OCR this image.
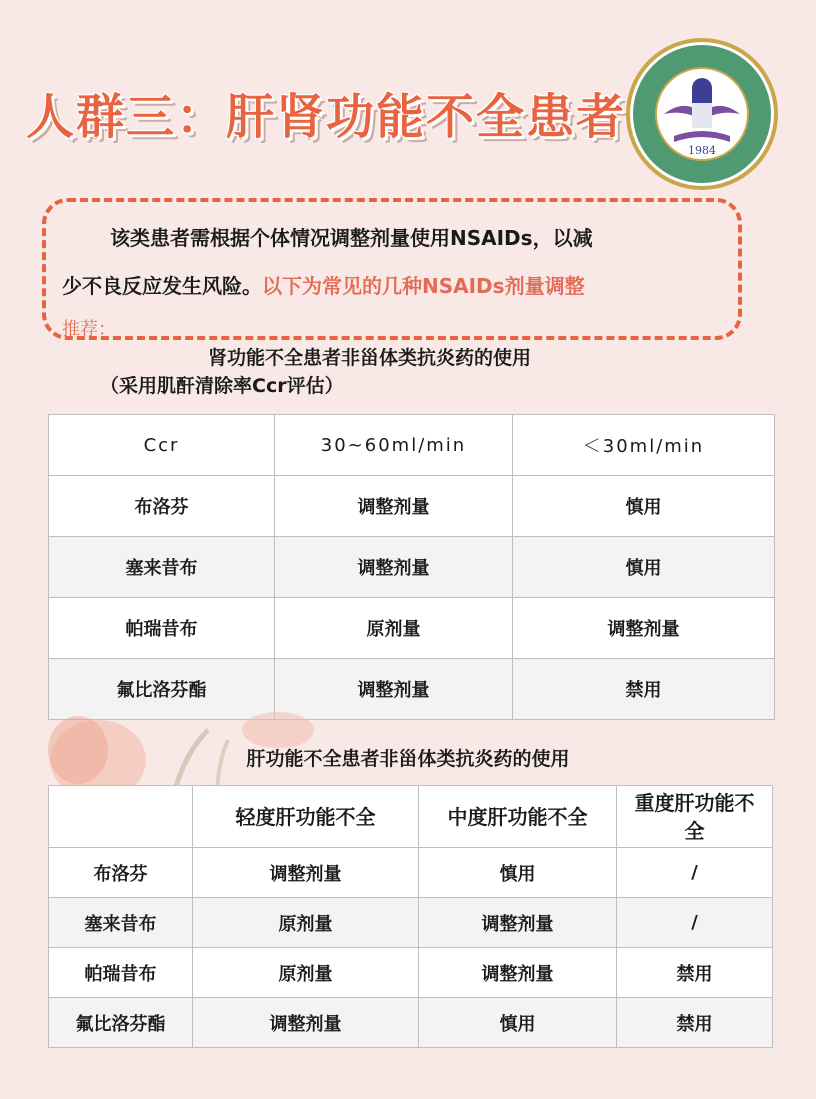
人群三：肝肾功能不全患者
1984
该类患者需根据个体情况调整剂量使用NSAIDs，以减
少不良反应发生风险。以下为常见的几种NSAIDs剂量调整
推荐：
肾功能不全患者非甾体类抗炎药的使用
（采用肌酐清除率Ccr评估）
Ccr	30~60ml/min	＜30ml/min
布洛芬	调整剂量	慎用
塞来昔布	调整剂量	慎用
帕瑞昔布	原剂量	调整剂量
氟比洛芬酯	调整剂量	禁用
肝功能不全患者非甾体类抗炎药的使用
	轻度肝功能不全	中度肝功能不全	重度肝功能不全
布洛芬	调整剂量	慎用	/
塞来昔布	原剂量	调整剂量	/
帕瑞昔布	原剂量	调整剂量	禁用
氟比洛芬酯	调整剂量	慎用	禁用
